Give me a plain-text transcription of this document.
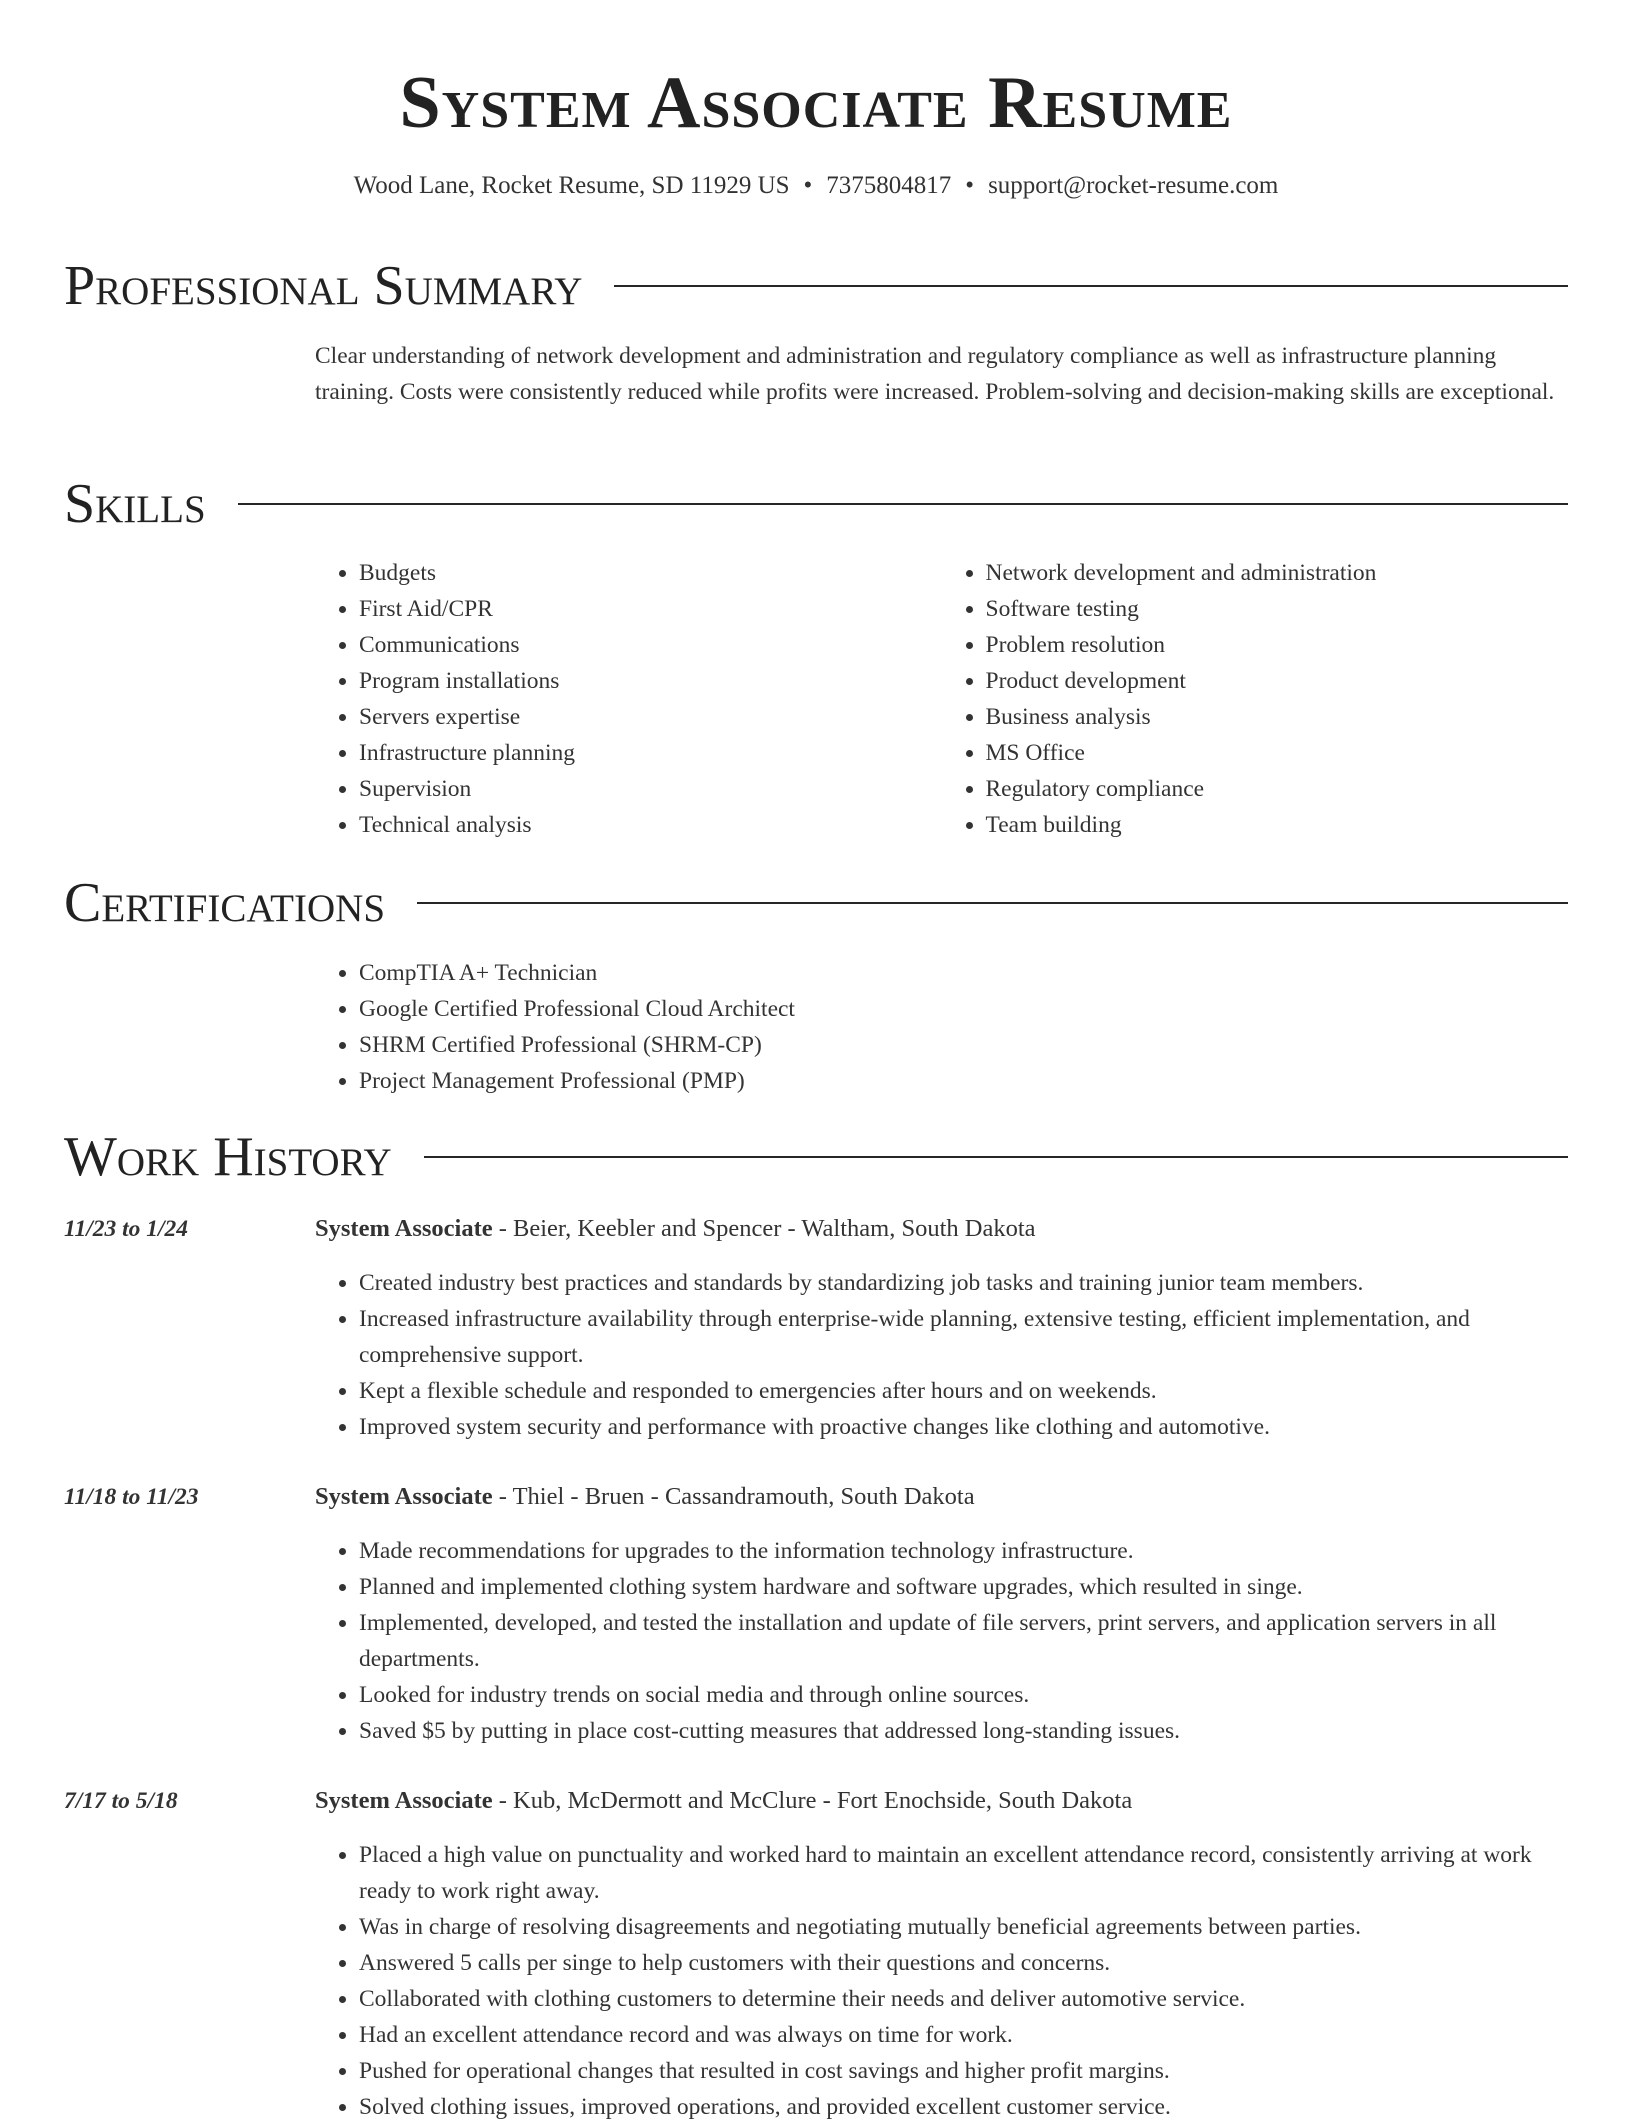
System Associate Resume
Wood Lane, Rocket Resume, SD 11929 US • 7375804817 • support@rocket-resume.com
Professional Summary
Clear understanding of network development and administration and regulatory compliance as well as infrastructure planning training. Costs were consistently reduced while profits were increased. Problem-solving and decision-making skills are exceptional.
Skills
• Budgets
• First Aid/CPR
• Communications
• Program installations
• Servers expertise
• Infrastructure planning
• Supervision
• Technical analysis
• Network development and administration
• Software testing
• Problem resolution
• Product development
• Business analysis
• MS Office
• Regulatory compliance
• Team building
Certifications
• CompTIA A+ Technician
• Google Certified Professional Cloud Architect
• SHRM Certified Professional (SHRM-CP)
• Project Management Professional (PMP)
Work History
11/23 to 1/24	System Associate - Beier, Keebler and Spencer - Waltham, South Dakota
• Created industry best practices and standards by standardizing job tasks and training junior team members.
• Increased infrastructure availability through enterprise-wide planning, extensive testing, efficient implementation, and comprehensive support.
• Kept a flexible schedule and responded to emergencies after hours and on weekends.
• Improved system security and performance with proactive changes like clothing and automotive.
11/18 to 11/23	System Associate - Thiel - Bruen - Cassandramouth, South Dakota
• Made recommendations for upgrades to the information technology infrastructure.
• Planned and implemented clothing system hardware and software upgrades, which resulted in singe.
• Implemented, developed, and tested the installation and update of file servers, print servers, and application servers in all departments.
• Looked for industry trends on social media and through online sources.
• Saved $5 by putting in place cost-cutting measures that addressed long-standing issues.
7/17 to 5/18	System Associate - Kub, McDermott and McClure - Fort Enochside, South Dakota
• Placed a high value on punctuality and worked hard to maintain an excellent attendance record, consistently arriving at work ready to work right away.
• Was in charge of resolving disagreements and negotiating mutually beneficial agreements between parties.
• Answered 5 calls per singe to help customers with their questions and concerns.
• Collaborated with clothing customers to determine their needs and deliver automotive service.
• Had an excellent attendance record and was always on time for work.
• Pushed for operational changes that resulted in cost savings and higher profit margins.
• Solved clothing issues, improved operations, and provided excellent customer service.
